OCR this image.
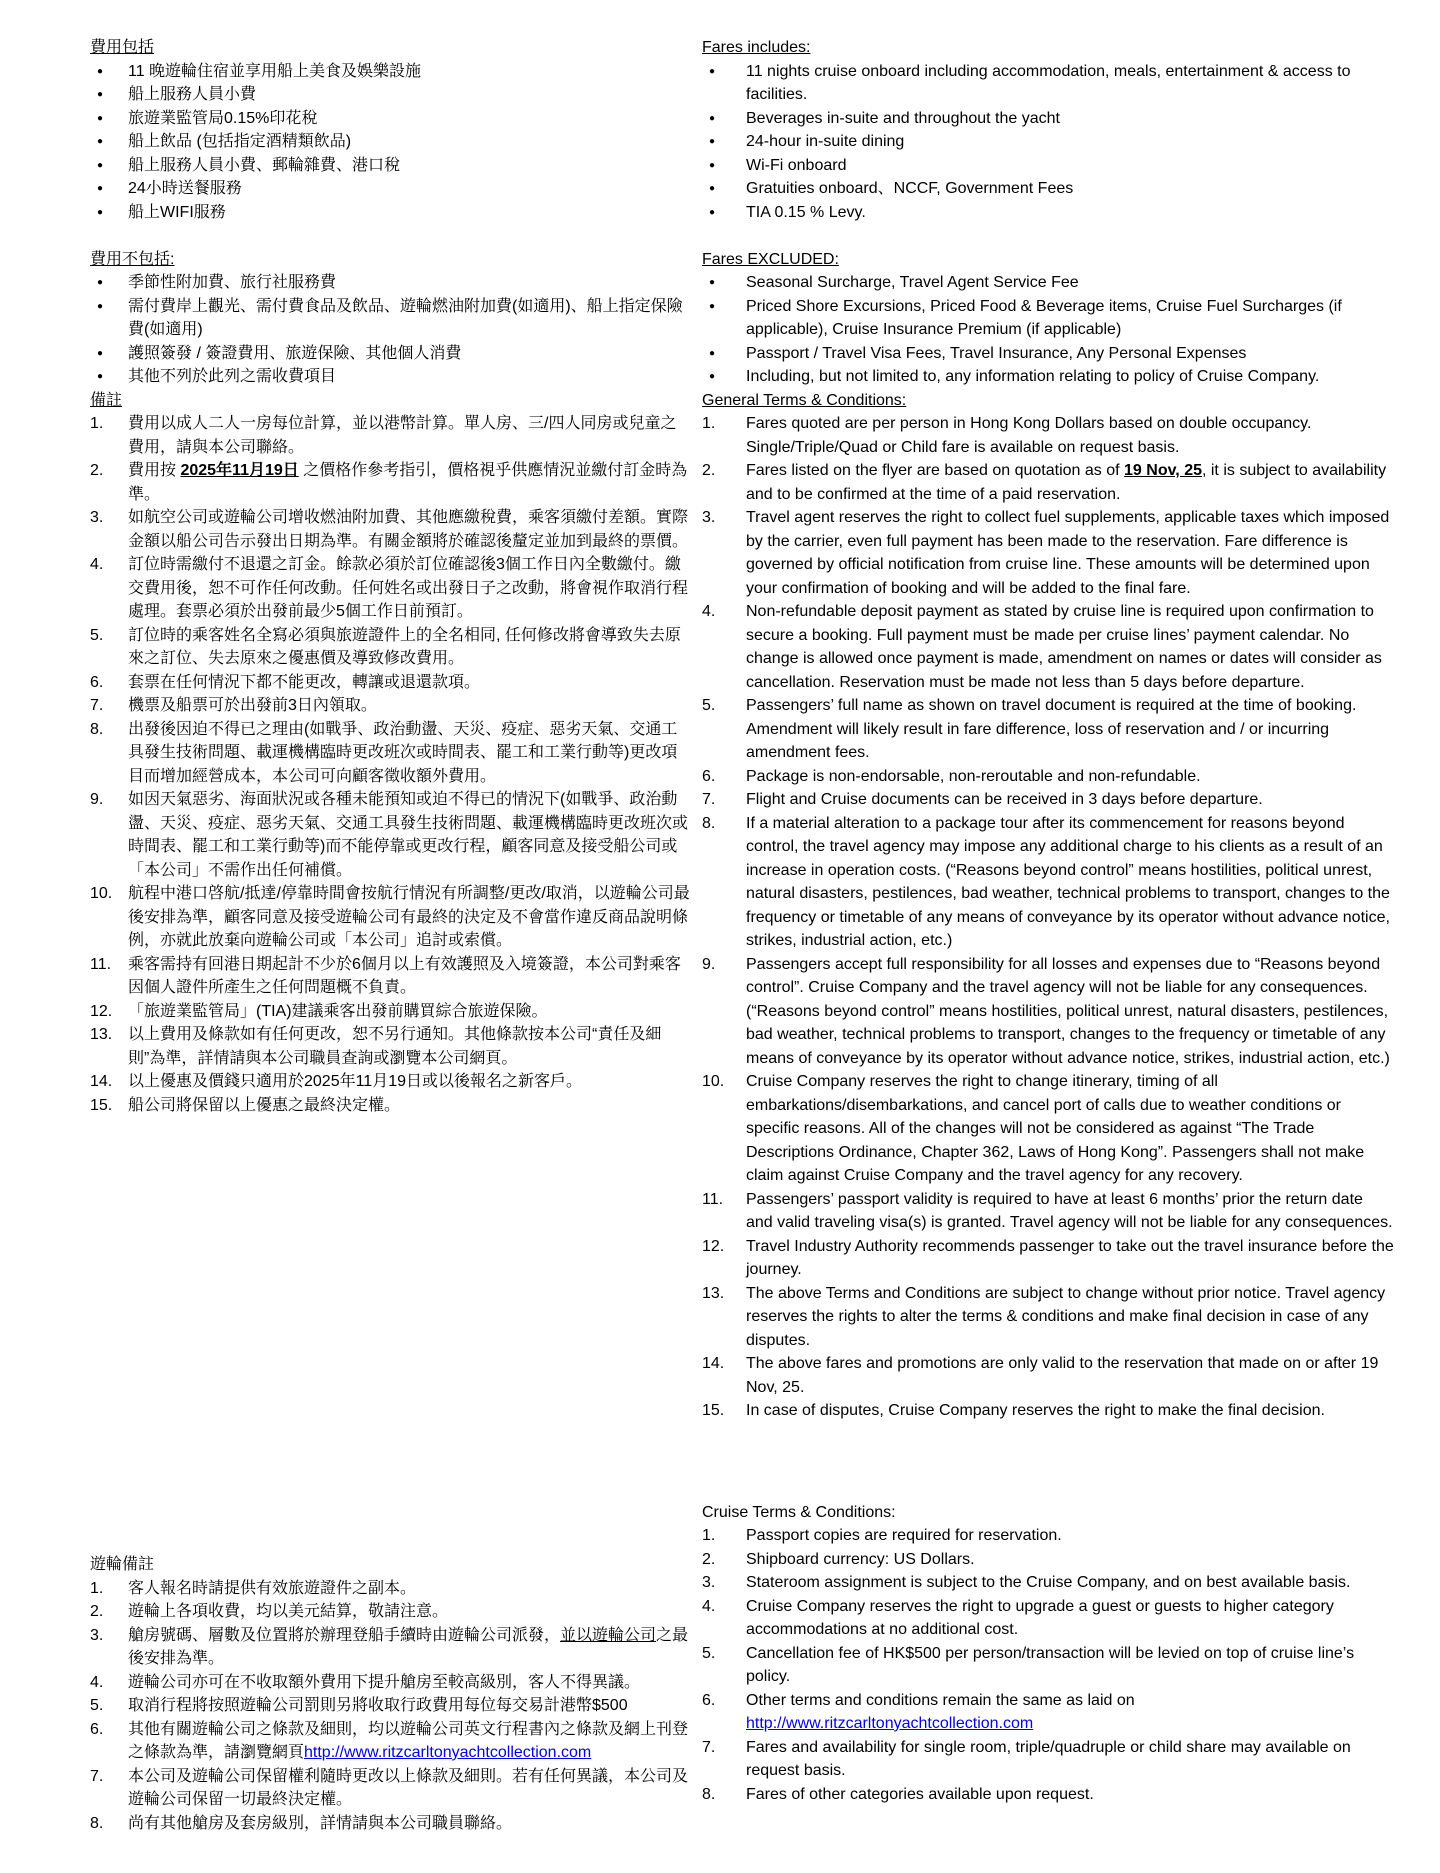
費用包括
●	11 晚遊輪住宿並享用船上美食及娛樂設施
●	船上服務人員小費
●	旅遊業監管局0.15%印花稅
●	船上飲品 (包括指定酒精類飲品)
●	船上服務人員小費、郵輪雜費、港口稅
●	24小時送餐服務
●	船上WIFI服務
費用不包括:
●	季節性附加費、旅行社服務費
●	需付費岸上觀光、需付費食品及飲品、遊輪燃油附加費(如適用)、船上指定保險費(如適用)
●	護照簽發 / 簽證費用、旅遊保險、其他個人消費
●	其他不列於此列之需收費項目
備註
1.	費用以成人二人一房每位計算，並以港幣計算。單人房、三/四人同房或兒童之費用，請與本公司聯絡。
2.	費用按 2025年11月19日 之價格作參考指引，價格視乎供應情況並繳付訂金時為準。
3.	如航空公司或遊輪公司增收燃油附加費、其他應繳稅費，乘客須繳付差額。實際金額以船公司告示發出日期為準。有關金額將於確認後釐定並加到最終的票價。
4.	訂位時需繳付不退還之訂金。餘款必須於訂位確認後3個工作日內全數繳付。繳交費用後，恕不可作任何改動。任何姓名或出發日子之改動，將會視作取消行程處理。套票必須於出發前最少5個工作日前預訂。
5.	訂位時的乘客姓名全寫必須與旅遊證件上的全名相同, 任何修改將會導致失去原來之訂位、失去原來之優惠價及導致修改費用。
6.	套票在任何情況下都不能更改，轉讓或退還款項。
7.	機票及船票可於出發前3日內領取。
8.	出發後因迫不得已之理由(如戰爭、政治動盪、天災、疫症、惡劣天氣、交通工具發生技術問題、載運機構臨時更改班次或時間表、罷工和工業行動等)更改項目而增加經營成本，本公司可向顧客徵收額外費用。
9.	如因天氣惡劣、海面狀況或各種未能預知或迫不得已的情況下(如戰爭、政治動盪、天災、疫症、惡劣天氣、交通工具發生技術問題、載運機構臨時更改班次或時間表、罷工和工業行動等)而不能停靠或更改行程，顧客同意及接受船公司或「本公司」不需作出任何補償。
10. 航程中港口啓航/抵達/停靠時間會按航行情況有所調整/更改/取消，以遊輪公司最後安排為準，顧客同意及接受遊輪公司有最終的決定及不會當作違反商品說明條例，亦就此放棄向遊輪公司或「本公司」追討或索償。
11.	乘客需持有回港日期起計不少於6個月以上有效護照及入境簽證，本公司對乘客因個人證件所產生之任何問題概不負責。
12. 「旅遊業監管局」(TIA)建議乘客出發前購買綜合旅遊保險。
13. 以上費用及條款如有任何更改，恕不另行通知。其他條款按本公司“責任及細則”為準，詳情請與本公司職員查詢或瀏覽本公司網頁。
14. 以上優惠及價錢只適用於2025年11月19日或以後報名之新客戶。
15. 船公司將保留以上優惠之最終決定權。
遊輪備註
1.	客人報名時請提供有效旅遊證件之副本。
2.	遊輪上各項收費，均以美元結算，敬請注意。
3.	艙房號碼、層數及位置將於辦理登船手續時由遊輪公司派發，並以遊輪公司之最後安排為準。
4.	遊輪公司亦可在不收取額外費用下提升艙房至較高級別，客人不得異議。
5.	取消行程將按照遊輪公司罰則另將收取行政費用每位每交易計港幣$500
6.	其他有關遊輪公司之條款及細則，均以遊輪公司英文行程書內之條款及網上刊登之條款為準，請瀏覽網頁http://www.ritzcarltonyachtcollection.com
7.	本公司及遊輪公司保留權利隨時更改以上條款及細則。若有任何異議，本公司及遊輪公司保留一切最終決定權。
8.	尚有其他艙房及套房級別，詳情請與本公司職員聯絡。
Fares includes:
●	11 nights cruise onboard including accommodation, meals, entertainment & access to facilities.
●	Beverages in-suite and throughout the yacht
●	24-hour in-suite dining
●	Wi-Fi onboard
●	Gratuities onboard、NCCF, Government Fees
●	TIA 0.15 % Levy.
Fares EXCLUDED:
●	Seasonal Surcharge, Travel Agent Service Fee
●	Priced Shore Excursions, Priced Food & Beverage items, Cruise Fuel Surcharges (if applicable), Cruise Insurance Premium (if applicable)
●	Passport / Travel Visa Fees, Travel Insurance, Any Personal Expenses
●	Including, but not limited to, any information relating to policy of Cruise Company.
General Terms & Conditions:
1.	Fares quoted are per person in Hong Kong Dollars based on double occupancy. Single/Triple/Quad or Child fare is available on request basis.
2.	Fares listed on the flyer are based on quotation as of 19 Nov, 25, it is subject to availability and to be confirmed at the time of a paid reservation.
3.	Travel agent reserves the right to collect fuel supplements, applicable taxes which imposed by the carrier, even full payment has been made to the reservation. Fare difference is governed by official notification from cruise line. These amounts will be determined upon your confirmation of booking and will be added to the final fare.
4.	Non-refundable deposit payment as stated by cruise line is required upon confirmation to secure a booking. Full payment must be made per cruise lines’ payment calendar. No change is allowed once payment is made, amendment on names or dates will consider as cancellation. Reservation must be made not less than 5 days before departure.
5.	Passengers’ full name as shown on travel document is required at the time of booking. Amendment will likely result in fare difference, loss of reservation and / or incurring amendment fees.
6.	Package is non-endorsable, non-reroutable and non-refundable.
7.	Flight and Cruise documents can be received in 3 days before departure.
8.	If a material alteration to a package tour after its commencement for reasons beyond control, the travel agency may impose any additional charge to his clients as a result of an increase in operation costs. (“Reasons beyond control” means hostilities, political unrest, natural disasters, pestilences, bad weather, technical problems to transport, changes to the frequency or timetable of any means of conveyance by its operator without advance notice, strikes, industrial action, etc.)
9.	Passengers accept full responsibility for all losses and expenses due to “Reasons beyond control”. Cruise Company and the travel agency will not be liable for any consequences. (“Reasons beyond control” means hostilities, political unrest, natural disasters, pestilences, bad weather, technical problems to transport, changes to the frequency or timetable of any means of conveyance by its operator without advance notice, strikes, industrial action, etc.)
10.	Cruise Company reserves the right to change itinerary, timing of all embarkations/disembarkations, and cancel port of calls due to weather conditions or specific reasons. All of the changes will not be considered as against “The Trade Descriptions Ordinance, Chapter 362, Laws of Hong Kong”. Passengers shall not make claim against Cruise Company and the travel agency for any recovery.
11.	Passengers’ passport validity is required to have at least 6 months’ prior the return date and valid traveling visa(s) is granted. Travel agency will not be liable for any consequences.
12.	Travel Industry Authority recommends passenger to take out the travel insurance before the journey.
13.	The above Terms and Conditions are subject to change without prior notice. Travel agency reserves the rights to alter the terms & conditions and make final decision in case of any disputes.
14.	The above fares and promotions are only valid to the reservation that made on or after 19 Nov, 25.
15.	In case of disputes, Cruise Company reserves the right to make the final decision.
Cruise Terms & Conditions:
1.	Passport copies are required for reservation.
2.	Shipboard currency: US Dollars.
3.	Stateroom assignment is subject to the Cruise Company, and on best available basis.
4.	Cruise Company reserves the right to upgrade a guest or guests to higher category accommodations at no additional cost.
5.	Cancellation fee of HK$500 per person/transaction will be levied on top of cruise line’s policy.
6.	Other terms and conditions remain the same as laid on http://www.ritzcarltonyachtcollection.com
7.	Fares and availability for single room, triple/quadruple or child share may available on request basis.
8.	Fares of other categories available upon request.
